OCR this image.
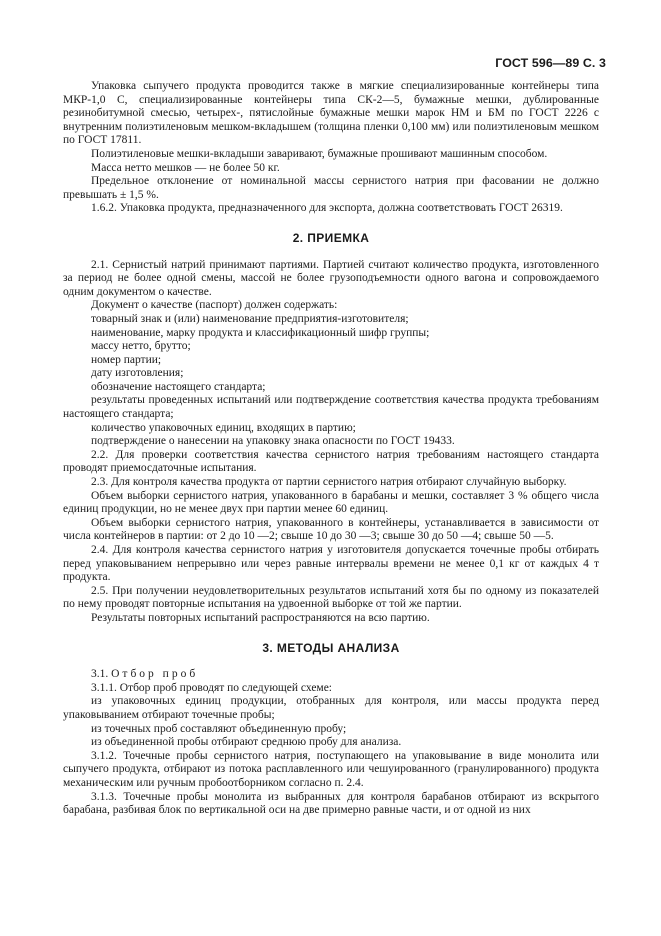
ГОСТ 596—89 С. 3

Упаковка сыпучего продукта проводится также в мягкие специализированные контейнеры типа МКР-1,0 С, специализированные контейнеры типа СК-2—5, бумажные мешки, дублированные резинобитумной смесью, четырех-, пятислойные бумажные мешки марок НМ и БМ по ГОСТ 2226 с внутренним полиэтиленовым мешком-вкладышем (толщина пленки 0,100 мм) или полиэтиленовым мешком по ГОСТ 17811.

Полиэтиленовые мешки-вкладыши заваривают, бумажные прошивают машинным способом.

Масса нетто мешков — не более 50 кг.

Предельное отклонение от номинальной массы сернистого натрия при фасовании не должно превышать ± 1,5 %.

1.6.2. Упаковка продукта, предназначенного для экспорта, должна соответствовать ГОСТ 26319.

2. ПРИЕМКА

2.1. Сернистый натрий принимают партиями. Партией считают количество продукта, изготовленного за период не более одной смены, массой не более грузоподъемности одного вагона и сопровождаемого одним документом о качестве.

Документ о качестве (паспорт) должен содержать:

товарный знак и (или) наименование предприятия-изготовителя;

наименование, марку продукта и классификационный шифр группы;

массу нетто, брутто;

номер партии;

дату изготовления;

обозначение настоящего стандарта;

результаты проведенных испытаний или подтверждение соответствия качества продукта требованиям настоящего стандарта;

количество упаковочных единиц, входящих в партию;

подтверждение о нанесении на упаковку знака опасности по ГОСТ 19433.

2.2. Для проверки соответствия качества сернистого натрия требованиям настоящего стандарта проводят приемосдаточные испытания.

2.3. Для контроля качества продукта от партии сернистого натрия отбирают случайную выборку.

Объем выборки сернистого натрия, упакованного в барабаны и мешки, составляет 3 % общего числа единиц продукции, но не менее двух при партии менее 60 единиц.

Объем выборки сернистого натрия, упакованного в контейнеры, устанавливается в зависимости от числа контейнеров в партии: от 2 до 10 —2; свыше 10 до 30 —3; свыше 30 до 50 —4; свыше 50 —5.

2.4. Для контроля качества сернистого натрия у изготовителя допускается точечные пробы отбирать перед упаковыванием непрерывно или через равные интервалы времени не менее 0,1 кг от каждых 4 т продукта.

2.5. При получении неудовлетворительных результатов испытаний хотя бы по одному из показателей по нему проводят повторные испытания на удвоенной выборке от той же партии.

Результаты повторных испытаний распространяются на всю партию.

3. МЕТОДЫ АНАЛИЗА

3.1. Отбор проб

3.1.1. Отбор проб проводят по следующей схеме:

из упаковочных единиц продукции, отобранных для контроля, или массы продукта перед упаковыванием отбирают точечные пробы;

из точечных проб составляют объединенную пробу;

из объединенной пробы отбирают среднюю пробу для анализа.

3.1.2. Точечные пробы сернистого натрия, поступающего на упаковывание в виде монолита или сыпучего продукта, отбирают из потока расплавленного или чешуированного (гранулированного) продукта механическим или ручным пробоотборником согласно п. 2.4.

3.1.3. Точечные пробы монолита из выбранных для контроля барабанов отбирают из вскрытого барабана, разбивая блок по вертикальной оси на две примерно равные части, и от одной из них
